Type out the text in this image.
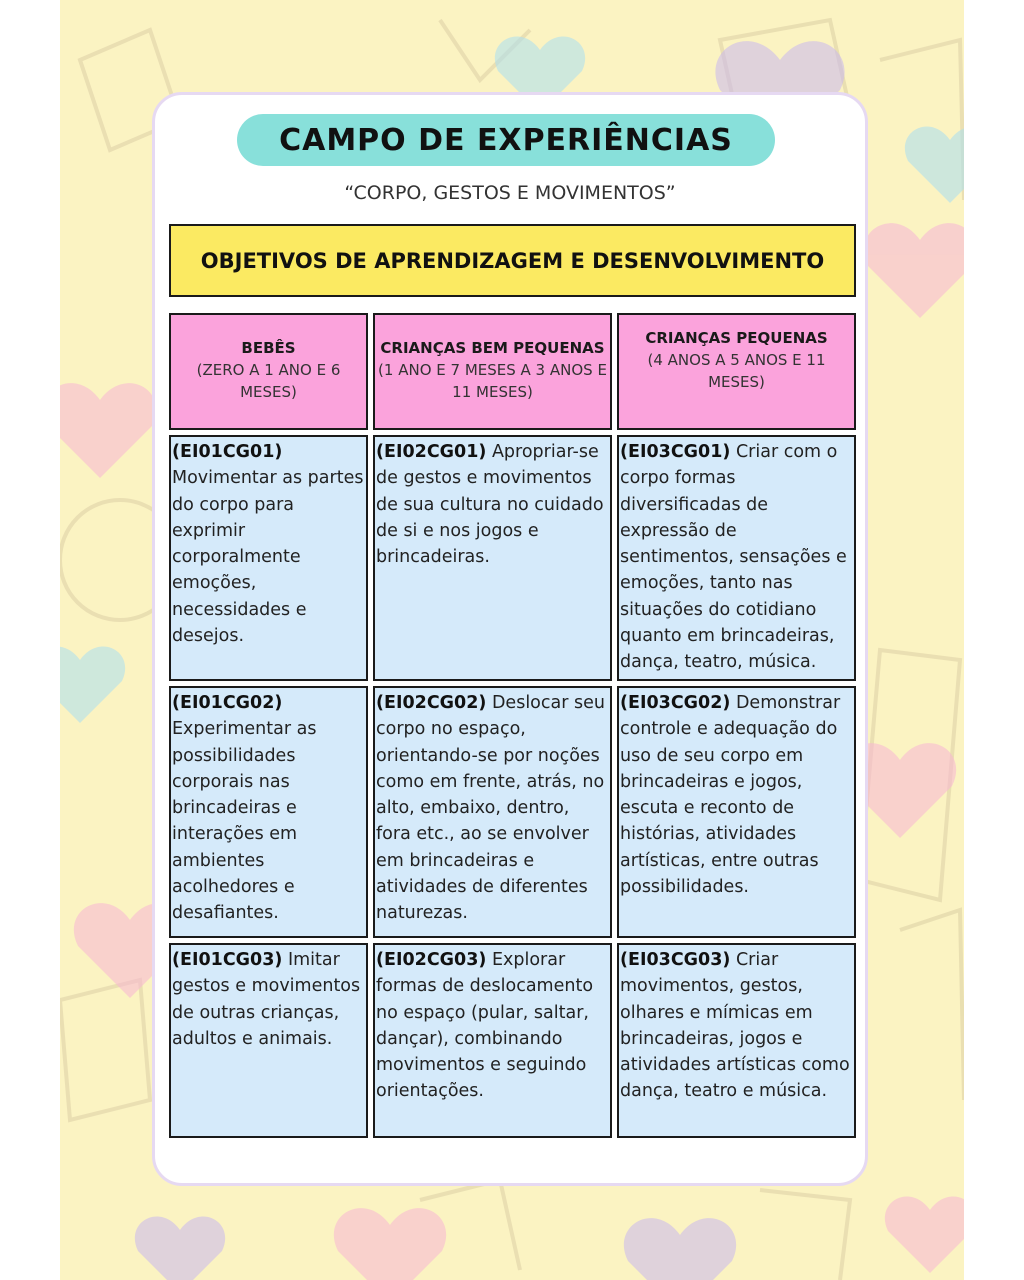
CAMPO DE EXPERIÊNCIAS
“CORPO, GESTOS E MOVIMENTOS”
OBJETIVOS DE APRENDIZAGEM E DESENVOLVIMENTO
BEBÊS
(ZERO A 1 ANO E 6 MESES)
CRIANÇAS BEM PEQUENAS
(1 ANO E 7 MESES A 3 ANOS E 11 MESES)
CRIANÇAS PEQUENAS
(4 ANOS A 5 ANOS E 11 MESES)
(EI01CG01) Movimentar as partes do corpo para exprimir corporalmente emoções, necessidades e desejos.
(EI02CG01) Apropriar-se de gestos e movimentos de sua cultura no cuidado de si e nos jogos e brincadeiras.
(EI03CG01) Criar com o corpo formas diversificadas de expressão de sentimentos, sensações e emoções, tanto nas situações do cotidiano quanto em brincadeiras, dança, teatro, música.
(EI01CG02) Experimentar as possibilidades corporais nas brincadeiras e interações em ambientes acolhedores e desafiantes.
(EI02CG02) Deslocar seu corpo no espaço, orientando-se por noções como em frente, atrás, no alto, embaixo, dentro, fora etc., ao se envolver em brincadeiras e atividades de diferentes naturezas.
(EI03CG02) Demonstrar controle e adequação do uso de seu corpo em brincadeiras e jogos, escuta e reconto de histórias, atividades artísticas, entre outras possibilidades.
(EI01CG03) Imitar gestos e movimentos de outras crianças, adultos e animais.
(EI02CG03) Explorar formas de deslocamento no espaço (pular, saltar, dançar), combinando movimentos e seguindo orientações.
(EI03CG03) Criar movimentos, gestos, olhares e mímicas em brincadeiras, jogos e atividades artísticas como dança, teatro e música.
